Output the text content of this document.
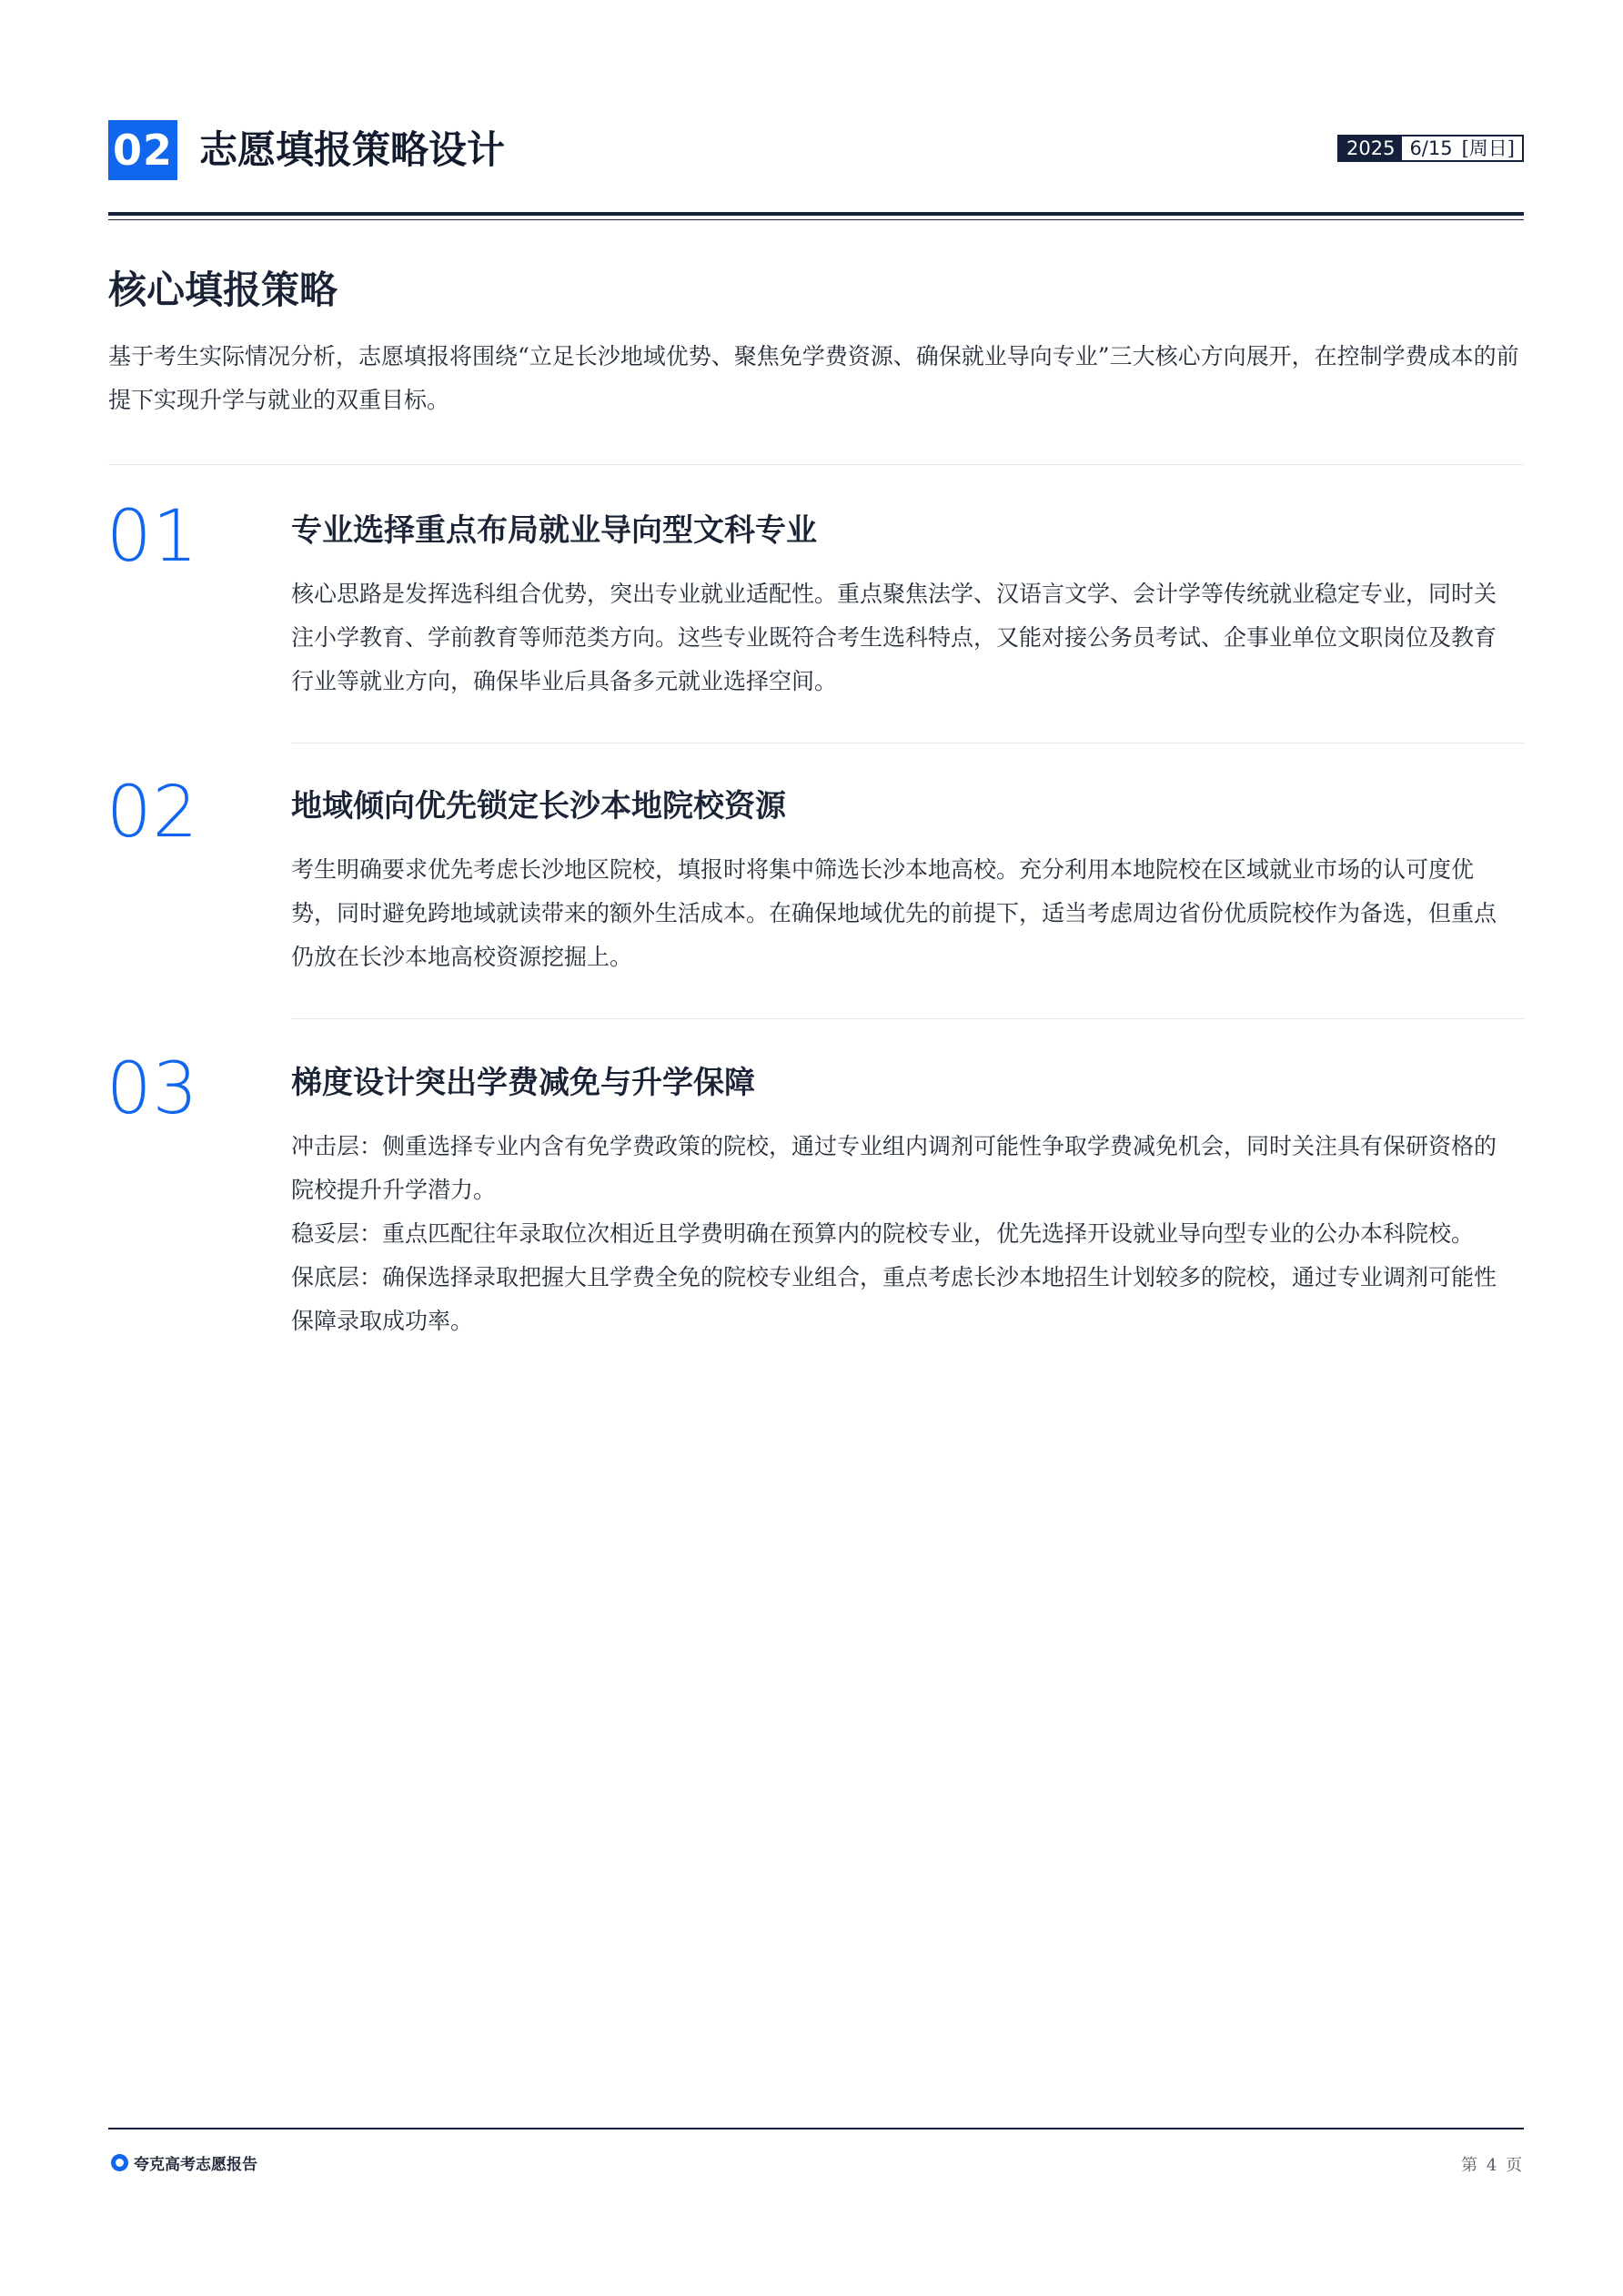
02 志愿填报策略设计	2025 6/15 [周日]
核心填报策略
基于考生实际情况分析，志愿填报将围绕“立足长沙地域优势、聚焦免学费资源、确保就业导向专业”三大核心方向展开，在控制学费成本的前提下实现升学与就业的双重目标。
01	专业选择重点布局就业导向型文科专业

核心思路是发挥选科组合优势，突出专业就业适配性。重点聚焦法学、汉语言文学、会计学等传统就业稳定专业，同时关注小学教育、学前教育等师范类方向。这些专业既符合考生选科特点，又能对接公务员考试、企事业单位文职岗位及教育行业等就业方向，确保毕业后具备多元就业选择空间。

02	地域倾向优先锁定长沙本地院校资源

考生明确要求优先考虑长沙地区院校，填报时将集中筛选长沙本地高校。充分利用本地院校在区域就业市场的认可度优势，同时避免跨地域就读带来的额外生活成本。在确保地域优先的前提下，适当考虑周边省份优质院校作为备选，但重点仍放在长沙本地高校资源挖掘上。

03	梯度设计突出学费减免与升学保障

冲击层：侧重选择专业内含有免学费政策的院校，通过专业组内调剂可能性争取学费减免机会，同时关注具有保研资格的院校提升升学潜力。

稳妥层：重点匹配往年录取位次相近且学费明确在预算内的院校专业，优先选择开设就业导向型专业的公办本科院校。

保底层：确保选择录取把握大且学费全免的院校专业组合，重点考虑长沙本地招生计划较多的院校，通过专业调剂可能性保障录取成功率。

夸克高考志愿报告	第 4 页
